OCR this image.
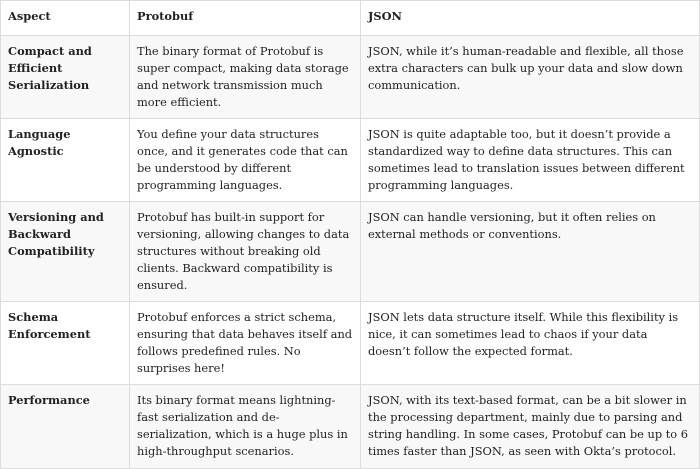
Aspect	Protobuf	JSON
Compact and Efficient Serialization	The binary format of Protobuf is super compact, making data storage and network transmission much more efficient.	JSON, while it’s human-readable and flexible, all those extra characters can bulk up your data and slow down communication.
Language Agnostic	You define your data structures once, and it generates code that can be understood by different programming languages.	JSON is quite adaptable too, but it doesn’t provide a standardized way to define data structures. This can sometimes lead to translation issues between different programming languages.
Versioning and Backward Compatibility	Protobuf has built-in support for versioning, allowing changes to data structures without breaking old clients. Backward compatibility is ensured.	JSON can handle versioning, but it often relies on external methods or conventions.
Schema Enforcement	Protobuf enforces a strict schema, ensuring that data behaves itself and follows predefined rules. No surprises here!	JSON lets data structure itself. While this flexibility is nice, it can sometimes lead to chaos if your data doesn’t follow the expected format.
Performance	Its binary format means lightning-fast serialization and de-serialization, which is a huge plus in high-throughput scenarios.	JSON, with its text-based format, can be a bit slower in the processing department, mainly due to parsing and string handling. In some cases, Protobuf can be up to 6 times faster than JSON, as seen with Okta’s protocol.
